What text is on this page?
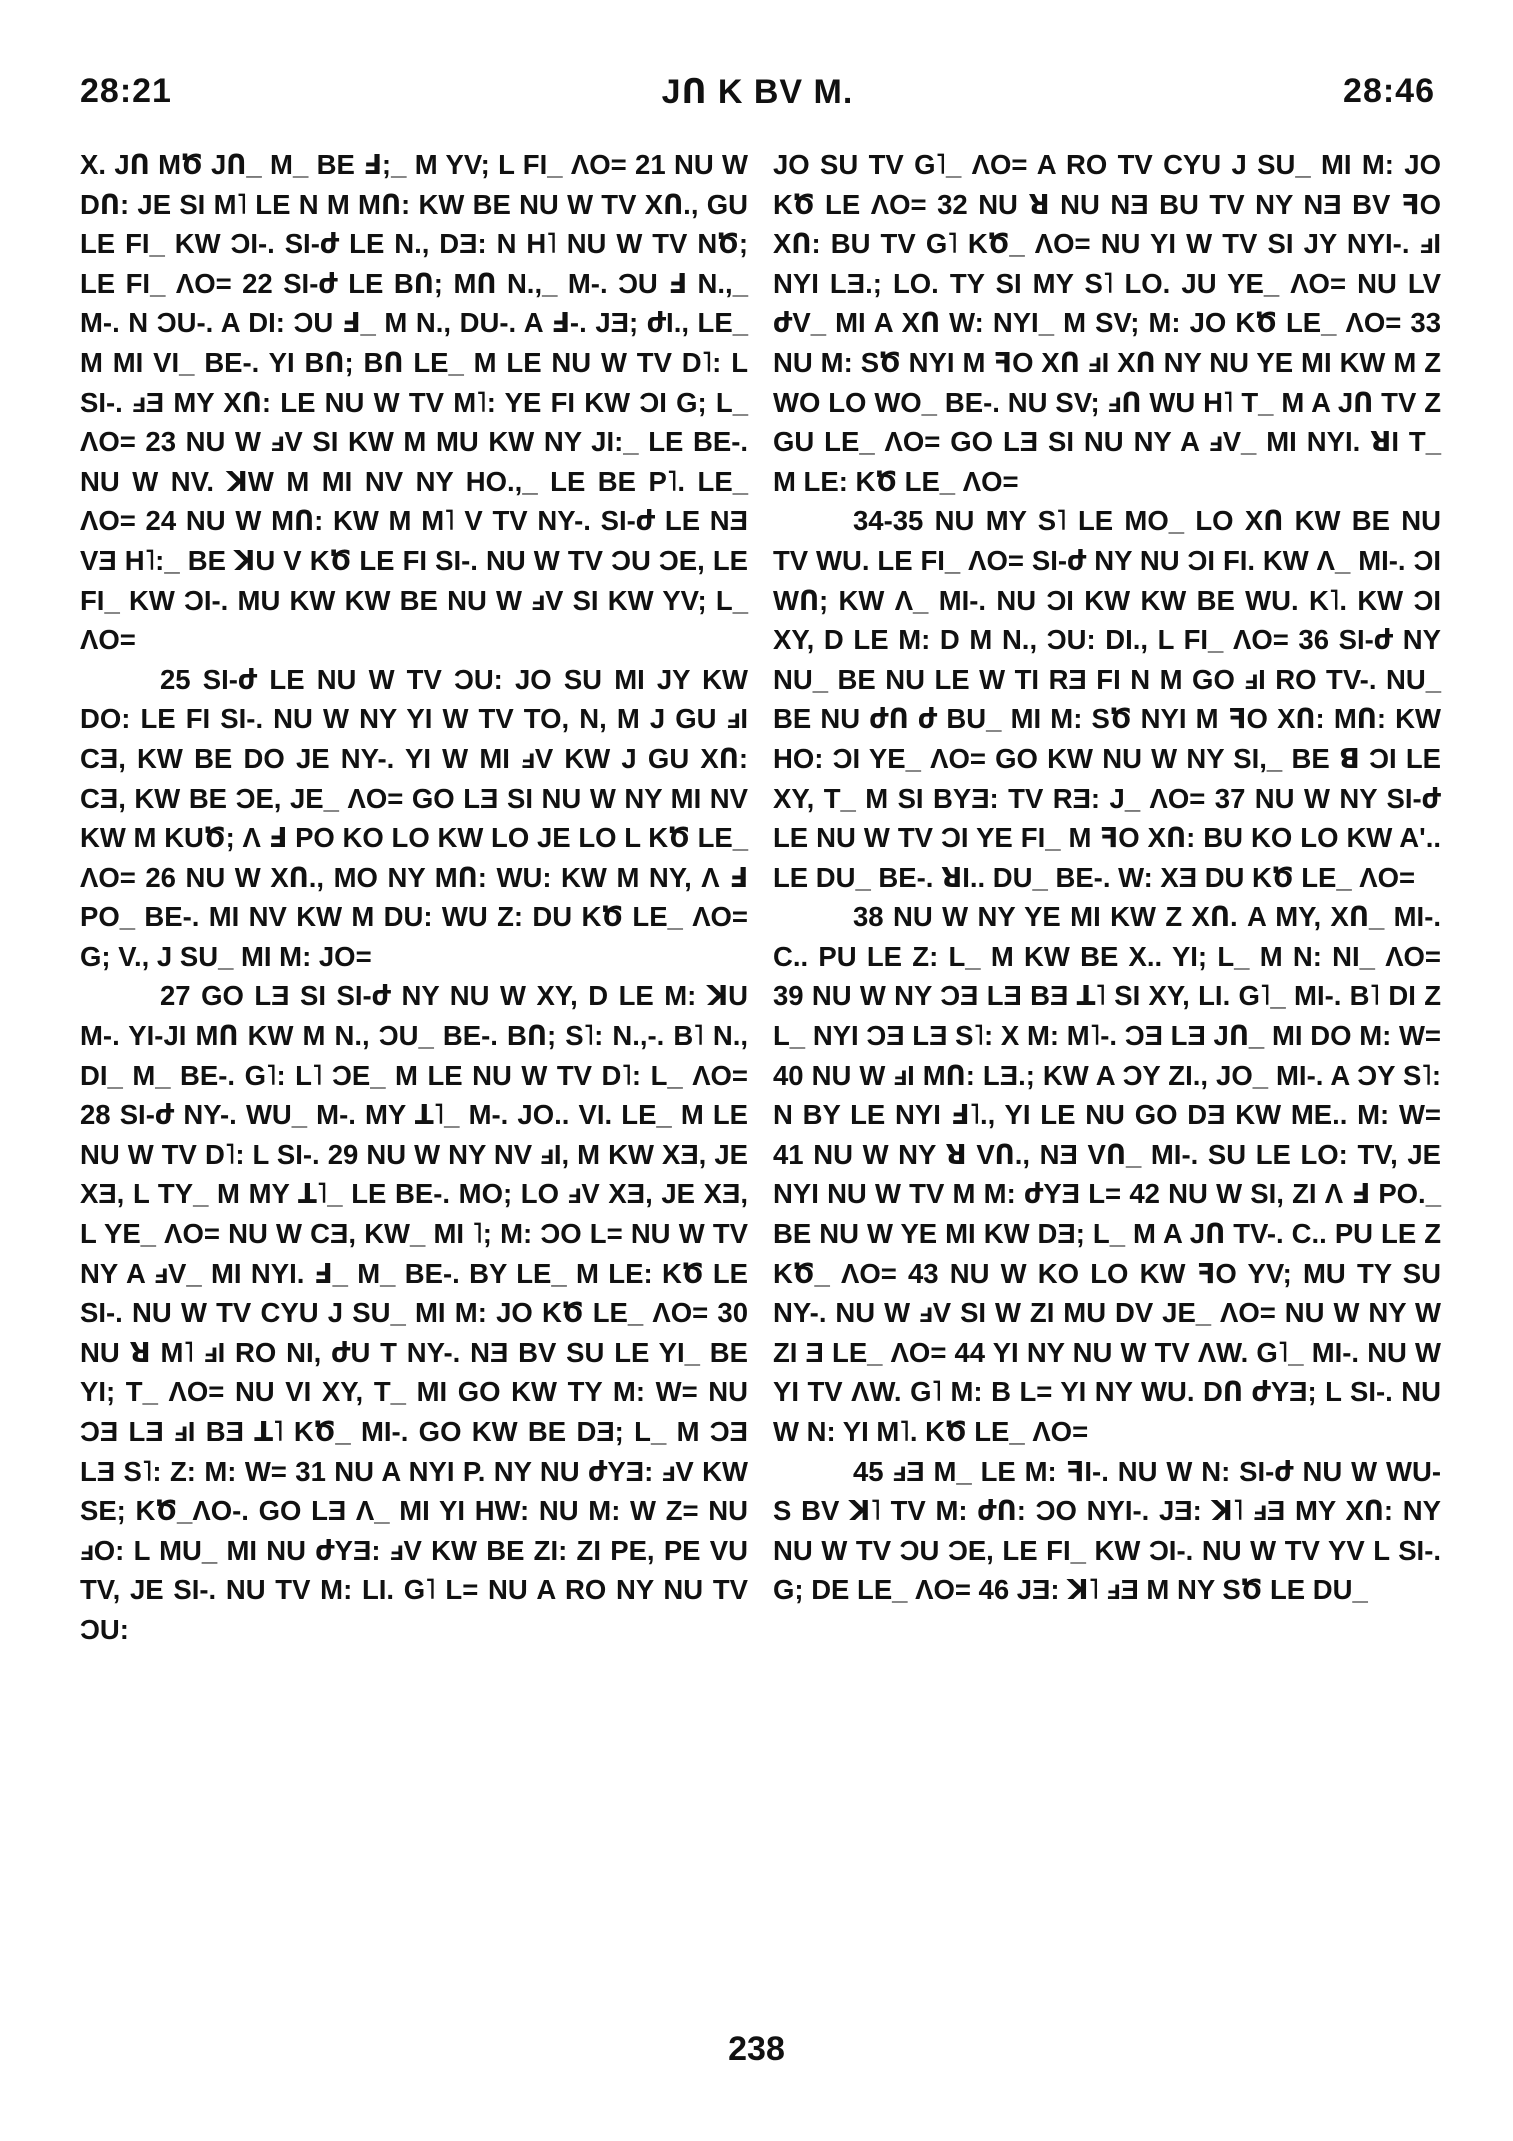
28:21	JՈ K BV M.	28:46

X. JՈ MԾ JՈ_ M_ BE Ⅎ;_ M YV; L FI_ ΛO= 21 NU W DՈ: JE SI M˥ LE N M MՈ: KW BE NU W TV XՈ., GU LE FI_ KW ϽI-. SI-ժ LE N., DƎ: N H˥ NU W TV NԾ; LE FI_ ΛO= 22 SI-ժ LE BՈ; MՈ N.,_ M-. ϽU Ⅎ N.,_ M-. N ϽU-. A DI: ϽU Ⅎ_ M N., DU-. A Ⅎ-. JƎ; ժI., LE_ M MI VI_ BE-. YI BՈ; BՈ LE_ M LE NU W TV D˥: L SI-. ⅎƎ MY XՈ: LE NU W TV M˥: YE FI KW ϽI G; L_ ΛO= 23 NU W ⅎV SI KW M MU KW NY JI:_ LE BE-. NU W NV. ꓘW M MI NV NY HO.,_ LE BE P˥. LE_ ΛO= 24 NU W MՈ: KW M M˥ V TV NY-. SI-ժ LE NƎ VƎ H˥:_ BE ꓘU V KԾ LE FI SI-. NU W TV ϽU ϽE, LE FI_ KW ϽI-. MU KW KW BE NU W ⅎV SI KW YV; L_ ΛO=

25 SI-ժ LE NU W TV ϽU: JO SU MI JY KW DO: LE FI SI-. NU W NY YI W TV TO, N, M J GU ⅎI CƎ, KW BE DO JE NY-. YI W MI ⅎV KW J GU XՈ: CƎ, KW BE ϽE, JE_ ΛO= GO LƎ SI NU W NY MI NV KW M KUԾ; Λ Ⅎ PO KO LO KW LO JE LO L KԾ LE_ ΛO= 26 NU W XՈ., MO NY MՈ: WU: KW M NY, Λ Ⅎ PO_ BE-. MI NV KW M DU: WU Z: DU KԾ LE_ ΛO= G; V., J SU_ MI M: JO=

27 GO LƎ SI SI-ժ NY NU W XY, D LE M: ꓘU M-. YI-JI MՈ KW M N., ϽU_ BE-. BՈ; S˥: N.,-. B˥ N., DI_ M_ BE-. G˥: L˥ ϽE_ M LE NU W TV D˥: L_ ΛO= 28 SI-ժ NY-. WU_ M-. MY ꓕ˥_ M-. JO.. VI. LE_ M LE NU W TV D˥: L SI-. 29 NU W NY NV ⅎI, M KW XƎ, JE XƎ, L TY_ M MY ꓕ˥_ LE BE-. MO; LO ⅎV XƎ, JE XƎ, L YE_ ΛO= NU W CƎ, KW_ MI ˥; M: ϽO L= NU W TV NY A ⅎV_ MI NYI. Ⅎ_ M_ BE-. BY LE_ M LE: KԾ LE SI-. NU W TV CYU J SU_ MI M: JO KԾ LE_ ΛO= 30 NU ꓤ M˥ ⅎI RO NI, ժU T NY-. NƎ BV SU LE YI_ BE YI; T_ ΛO= NU VI XY, T_ MI GO KW TY M: W= NU ϽƎ LƎ ⅎI BƎ ꓕ˥ KԾ_ MI-. GO KW BE DƎ; L_ M ϽƎ LƎ S˥: Z: M: W= 31 NU A NYI P. NY NU ժYƎ: ⅎV KW SE; KԾ_ΛO-. GO LƎ Λ_ MI YI HW: NU M: W Z= NU ⅎO: L MU_ MI NU ժYƎ: ⅎV KW BE ZI: ZI PE, PE VU TV, JE SI-. NU TV M: LI. G˥ L= NU A RO NY NU TV ϽU:

JO SU TV G˥_ ΛO= A RO TV CYU J SU_ MI M: JO KԾ LE ΛO= 32 NU ꓤ NU NƎ BU TV NY NƎ BV ꟻO XՈ: BU TV G˥ KԾ_ ΛO= NU YI W TV SI JY NYI-. ⅎI NYI LƎ.; LO. TY SI MY S˥ LO. JU YE_ ΛO= NU LV ժV_ MI A XՈ W: NYI_ M SV; M: JO KԾ LE_ ΛO= 33 NU M: SԾ NYI M ꟻO XՈ ⅎI XՈ NY NU YE MI KW M Z WO LO WO_ BE-. NU SV; ⅎՈ WU H˥ T_ M A JՈ TV Z GU LE_ ΛO= GO LƎ SI NU NY A ⅎV_ MI NYI. ꓤI T_ M LE: KԾ LE_ ΛO=

34-35 NU MY S˥ LE MO_ LO XՈ KW BE NU TV WU. LE FI_ ΛO= SI-ժ NY NU ϽI FI. KW Λ_ MI-. ϽI WՈ; KW Λ_ MI-. NU ϽI KW KW BE WU. K˥. KW ϽI XY, D LE M: D M N., ϽU: DI., L FI_ ΛO= 36 SI-ժ NY NU_ BE NU LE W TI RƎ FI N M GO ⅎI RO TV-. NU_ BE NU ժՈ ժ BU_ MI M: SԾ NYI M ꟻO XՈ: MՈ: KW HO: ϽI YE_ ΛO= GO KW NU W NY SI,_ BE ꓭ ϽI LE XY, T_ M SI BYƎ: TV RƎ: J_ ΛO= 37 NU W NY SI-ժ LE NU W TV ϽI YE FI_ M ꟻO XՈ: BU KO LO KW A'.. LE DU_ BE-. ꓤI.. DU_ BE-. W: XƎ DU KԾ LE_ ΛO=

38 NU W NY YE MI KW Z XՈ. A MY, XՈ_ MI-. C.. PU LE Z: L_ M KW BE X.. YI; L_ M N: NI_ ΛO= 39 NU W NY ϽƎ LƎ BƎ ꓕ˥ SI XY, LI. G˥_ MI-. B˥ DI Z L_ NYI ϽƎ LƎ S˥: X M: M˥-. ϽƎ LƎ JՈ_ MI DO M: W= 40 NU W ⅎI MՈ: LƎ.; KW A ϽY ZI., JO_ MI-. A ϽY S˥: N BY LE NYI Ⅎ˥., YI LE NU GO DƎ KW ME.. M: W= 41 NU W NY ꓤ VՈ., NƎ VՈ_ MI-. SU LE LO: TV, JE NYI NU W TV M M: ժYƎ L= 42 NU W SI, ZI Λ Ⅎ PO._ BE NU W YE MI KW DƎ; L_ M A JՈ TV-. C.. PU LE Z KԾ_ ΛO= 43 NU W KO LO KW ꟻO YV; MU TY SU NY-. NU W ⅎV SI W ZI MU DV JE_ ΛO= NU W NY W ZI Ǝ LE_ ΛO= 44 YI NY NU W TV ΛW. G˥_ MI-. NU W YI TV ΛW. G˥ M: B L= YI NY WU. DՈ ժYƎ; L SI-. NU W N: YI M˥. KԾ LE_ ΛO=

45 ⅎƎ M_ LE M: ꟻI-. NU W N: SI-ժ NU W WU-S BV ꓘ˥ TV M: ժՈ: ϽO NYI-. JƎ: ꓘ˥ ⅎƎ MY XՈ: NY NU W TV ϽU ϽE, LE FI_ KW ϽI-. NU W TV YV L SI-. G; DE LE_ ΛO= 46 JƎ: ꓘ˥ ⅎƎ M NY SԾ LE DU_

238
